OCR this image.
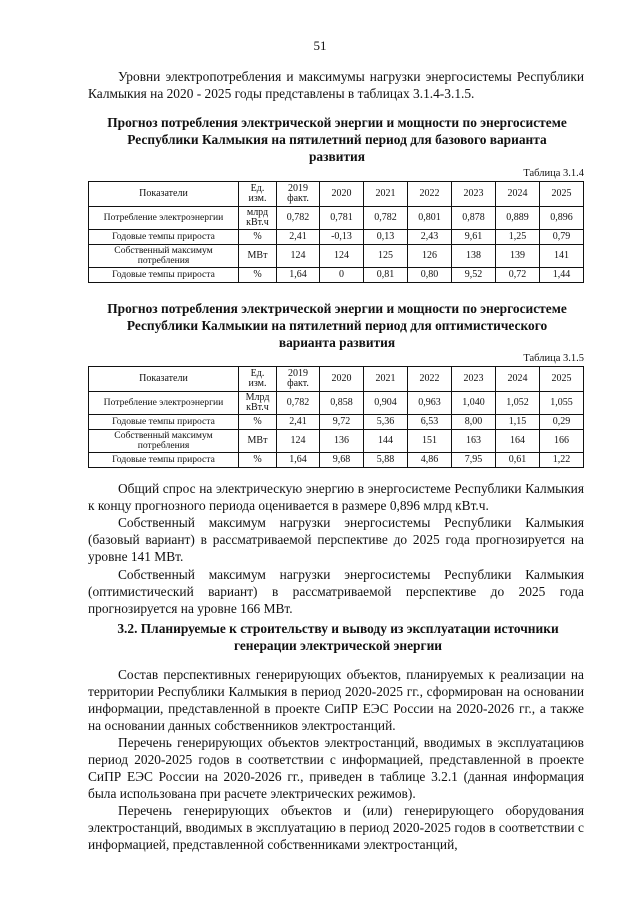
51

Уровни электропотребления и максимумы нагрузки энергосистемы Республики Калмыкия на 2020 - 2025 годы представлены в таблицах 3.1.4-3.1.5.

Прогноз потребления электрической энергии и мощности по энергосистеме Республики Калмыкия на пятилетний период для базового варианта развития

Таблица 3.1.4

Показатели	Ед. изм.	2019 факт.	2020	2021	2022	2023	2024	2025
Потребление электроэнергии	млрд кВт.ч	0,782	0,781	0,782	0,801	0,878	0,889	0,896
Годовые темпы прироста	%	2,41	-0,13	0,13	2,43	9,61	1,25	0,79
Собственный максимум потребления	МВт	124	124	125	126	138	139	141
Годовые темпы прироста	%	1,64	0	0,81	0,80	9,52	0,72	1,44

Прогноз потребления электрической энергии и мощности по энергосистеме Республики Калмыкии на пятилетний период для оптимистического варианта развития

Таблица 3.1.5

Показатели	Ед. изм.	2019 факт.	2020	2021	2022	2023	2024	2025
Потребление электроэнергии	Млрд кВт.ч	0,782	0,858	0,904	0,963	1,040	1,052	1,055
Годовые темпы прироста	%	2,41	9,72	5,36	6,53	8,00	1,15	0,29
Собственный максимум потребления	МВт	124	136	144	151	163	164	166
Годовые темпы прироста	%	1,64	9,68	5,88	4,86	7,95	0,61	1,22

Общий спрос на электрическую энергию в энергосистеме Республики Калмыкия к концу прогнозного периода оценивается в размере 0,896 млрд кВт.ч.

Собственный максимум нагрузки энергосистемы Республики Калмыкия (базовый вариант) в рассматриваемой перспективе до 2025 года прогнозируется на уровне 141 МВт.

Собственный максимум нагрузки энергосистемы Республики Калмыкия (оптимистический вариант) в рассматриваемой перспективе до 2025 года прогнозируется на уровне 166 МВт.

3.2. Планируемые к строительству и выводу из эксплуатации источники генерации электрической энергии

Состав перспективных генерирующих объектов, планируемых к реализации на территории Республики Калмыкия в период 2020-2025 гг., сформирован на основании информации, представленной в проекте СиПР ЕЭС России на 2020-2026 гг., а также на основании данных собственников электростанций.

Перечень генерирующих объектов электростанций, вводимых в эксплуатациюв период 2020-2025 годов в соответствии с информацией, представленной в проекте СиПР ЕЭС России на 2020-2026 гг., приведен в таблице 3.2.1 (данная информация была использована при расчете электрических режимов).

Перечень генерирующих объектов и (или) генерирующего оборудования электростанций, вводимых в эксплуатацию в период 2020-2025 годов в соответствии с информацией, представленной собственниками электростанций,
